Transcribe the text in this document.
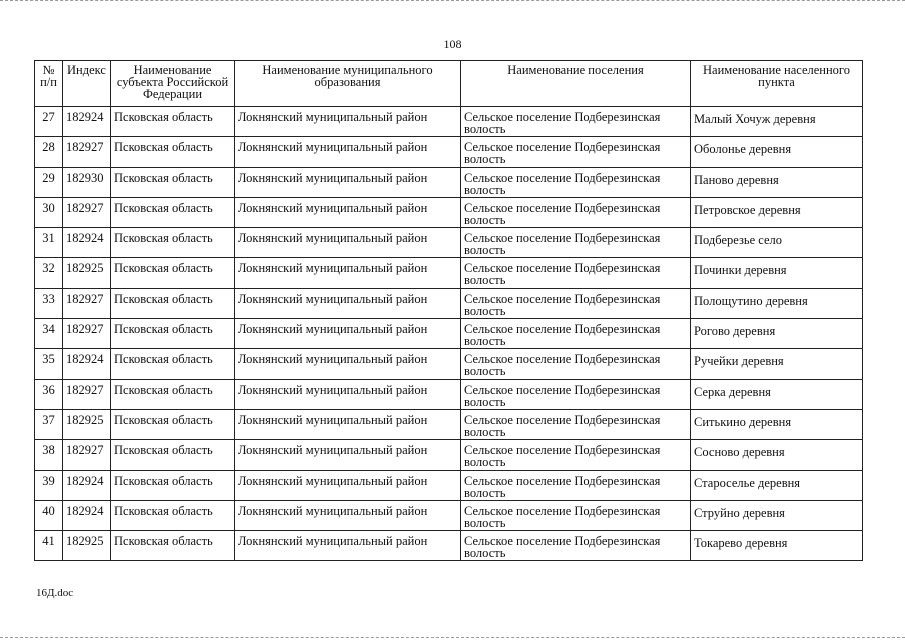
108
№ п/п	Индекс	Наименование субъекта Российской Федерации	Наименование муниципального образования	Наименование поселения	Наименование населенного пункта
27	182924	Псковская область	Локнянский муниципальный район	Сельское поселение Подберезинская волость	Малый Хочуж деревня
28	182927	Псковская область	Локнянский муниципальный район	Сельское поселение Подберезинская волость	Оболонье деревня
29	182930	Псковская область	Локнянский муниципальный район	Сельское поселение Подберезинская волость	Паново деревня
30	182927	Псковская область	Локнянский муниципальный район	Сельское поселение Подберезинская волость	Петровское деревня
31	182924	Псковская область	Локнянский муниципальный район	Сельское поселение Подберезинская волость	Подберезье село
32	182925	Псковская область	Локнянский муниципальный район	Сельское поселение Подберезинская волость	Починки деревня
33	182927	Псковская область	Локнянский муниципальный район	Сельское поселение Подберезинская волость	Полощутино деревня
34	182927	Псковская область	Локнянский муниципальный район	Сельское поселение Подберезинская волость	Рогово деревня
35	182924	Псковская область	Локнянский муниципальный район	Сельское поселение Подберезинская волость	Ручейки деревня
36	182927	Псковская область	Локнянский муниципальный район	Сельское поселение Подберезинская волость	Серка деревня
37	182925	Псковская область	Локнянский муниципальный район	Сельское поселение Подберезинская волость	Ситькино деревня
38	182927	Псковская область	Локнянский муниципальный район	Сельское поселение Подберезинская волость	Сосново деревня
39	182924	Псковская область	Локнянский муниципальный район	Сельское поселение Подберезинская волость	Староселье деревня
40	182924	Псковская область	Локнянский муниципальный район	Сельское поселение Подберезинская волость	Струйно деревня
41	182925	Псковская область	Локнянский муниципальный район	Сельское поселение Подберезинская волость	Токарево деревня
16Д.doc
